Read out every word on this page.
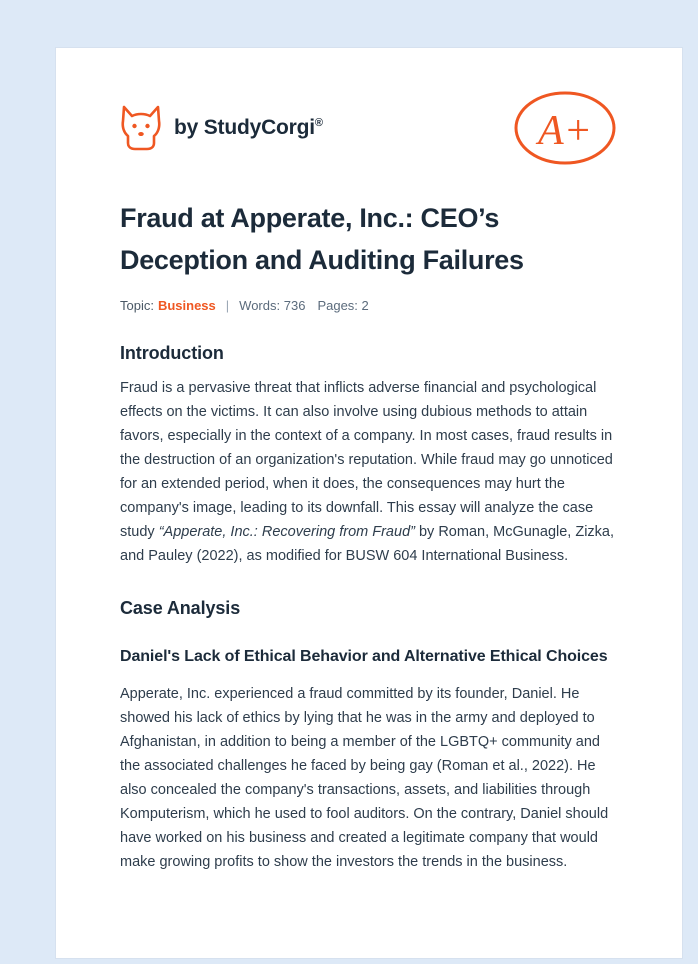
by StudyCorgi®	A+
Fraud at Apperate, Inc.: CEO’s Deception and Auditing Failures
Topic: Business | Words: 736 Pages: 2
Introduction

Fraud is a pervasive threat that inflicts adverse financial and psychological effects on the victims. It can also involve using dubious methods to attain favors, especially in the context of a company. In most cases, fraud results in the destruction of an organization's reputation. While fraud may go unnoticed for an extended period, when it does, the consequences may hurt the company's image, leading to its downfall. This essay will analyze the case study “Apperate, Inc.: Recovering from Fraud” by Roman, McGunagle, Zizka, and Pauley (2022), as modified for BUSW 604 International Business.

Case Analysis
Daniel's Lack of Ethical Behavior and Alternative Ethical Choices

Apperate, Inc. experienced a fraud committed by its founder, Daniel. He showed his lack of ethics by lying that he was in the army and deployed to Afghanistan, in addition to being a member of the LGBTQ+ community and the associated challenges he faced by being gay (Roman et al., 2022). He also concealed the company's transactions, assets, and liabilities through Komputerism, which he used to fool auditors. On the contrary, Daniel should have worked on his business and created a legitimate company that would make growing profits to show the investors the trends in the business.
